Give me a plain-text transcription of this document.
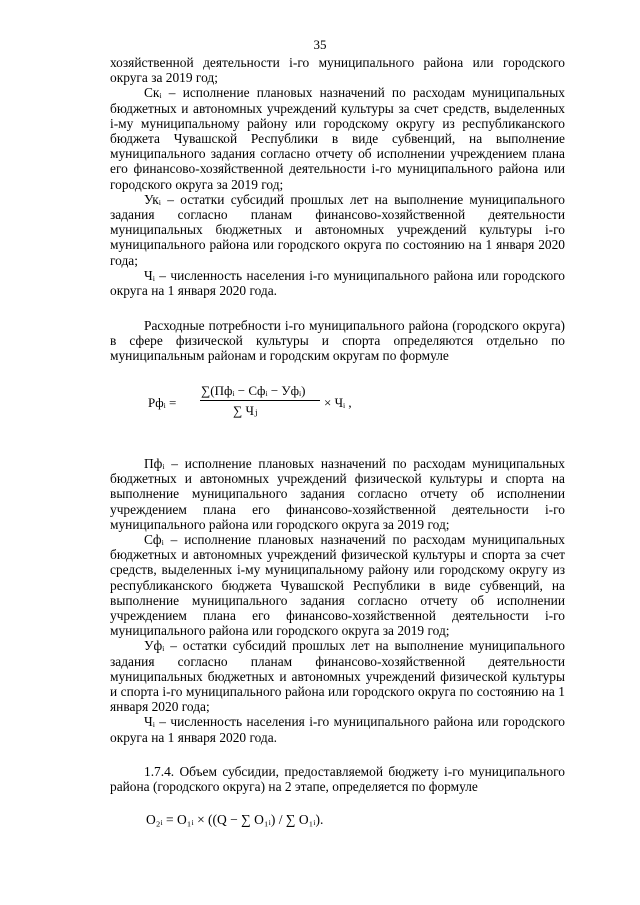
35

хозяйственной деятельности i-го муниципального района или городского округа за 2019 год;

Скᵢ – исполнение плановых назначений по расходам муниципальных бюджетных и автономных учреждений культуры за счет средств, выделенных i-му муниципальному району или городскому округу из республиканского бюджета Чувашской Республики в виде субвенций, на выполнение муниципального задания согласно отчету об исполнении учреждением плана его финансово-хозяйственной деятельности i-го муниципального района или городского округа за 2019 год;

Укᵢ – остатки субсидий прошлых лет на выполнение муниципального задания согласно планам финансово-хозяйственной деятельности муниципальных бюджетных и автономных учреждений культуры i-го муниципального района или городского округа по состоянию на 1 января 2020 года;

Чᵢ – численность населения i-го муниципального района или городского округа на 1 января 2020 года.

Расходные потребности i-го муниципального района (городского округа) в сфере физической культуры и спорта определяются отдельно по муниципальным районам и городским округам по формуле

Рфᵢ =
∑(Пфᵢ − Сфᵢ − Уфᵢ)
∑ Чⱼ
× Чᵢ ,

Пфᵢ – исполнение плановых назначений по расходам муниципальных бюджетных и автономных учреждений физической культуры и спорта на выполнение муниципального задания согласно отчету об исполнении учреждением плана его финансово-хозяйственной деятельности i-го муниципального района или городского округа за 2019 год;

Сфᵢ – исполнение плановых назначений по расходам муниципальных бюджетных и автономных учреждений физической культуры и спорта за счет средств, выделенных i-му муниципальному району или городскому округу из республиканского бюджета Чувашской Республики в виде субвенций, на выполнение муниципального задания согласно отчету об исполнении учреждением плана его финансово-хозяйственной деятельности i-го муниципального района или городского округа за 2019 год;

Уфᵢ – остатки субсидий прошлых лет на выполнение муниципального задания согласно планам финансово-хозяйственной деятельности муниципальных бюджетных и автономных учреждений физической культуры и спорта i-го муниципального района или городского округа по состоянию на 1 января 2020 года;

Чᵢ – численность населения i-го муниципального района или городского округа на 1 января 2020 года.

1.7.4. Объем субсидии, предоставляемой бюджету i-го муниципального района (городского округа) на 2 этапе, определяется по формуле

O₂ᵢ = O₁ᵢ × ((Q − ∑ O₁ᵢ) / ∑ O₁ᵢ).
